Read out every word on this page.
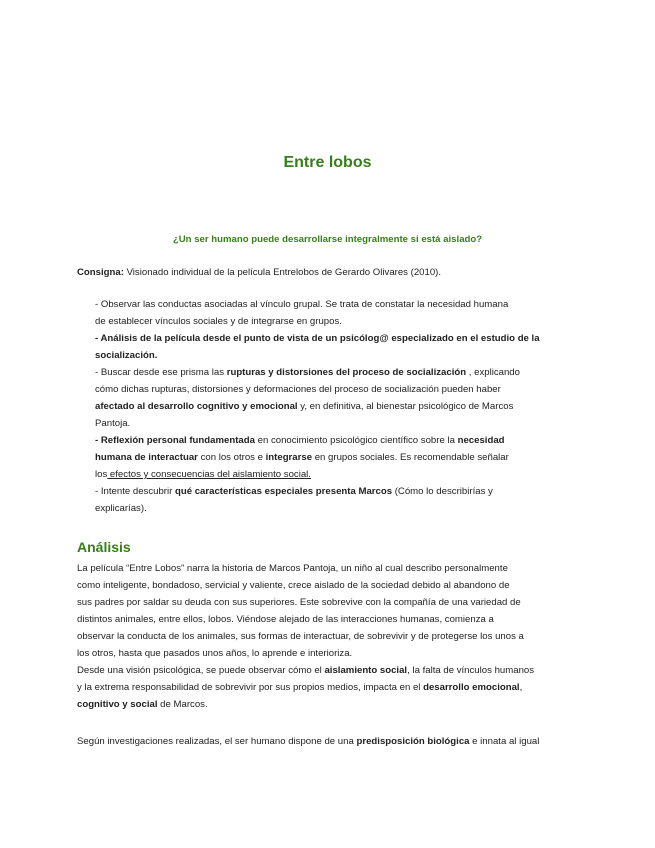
Entre lobos
¿Un ser humano puede desarrollarse integralmente si está aislado?
Consigna: Visionado individual de la película Entrelobos de Gerardo Olivares (2010).
- Observar las conductas asociadas al vínculo grupal. Se trata de constatar la necesidad humana
de establecer vínculos sociales y de integrarse en grupos.
- Análisis de la película desde el punto de vista de un psicólog@ especializado en el estudio de la
socialización.
- Buscar desde ese prisma las rupturas y distorsiones del proceso de socialización , explicando
cómo dichas rupturas, distorsiones y deformaciones del proceso de socialización pueden haber
afectado al desarrollo cognitivo y emocional y, en definitiva, al bienestar psicológico de Marcos
Pantoja.
- Reflexión personal fundamentada en conocimiento psicológico científico sobre la necesidad
humana de interactuar con los otros e integrarse en grupos sociales. Es recomendable señalar
los efectos y consecuencias del aislamiento social.
- Intente descubrir qué características especiales presenta Marcos (Cómo lo describirías y
explicarías).
Análisis
La película “Entre Lobos” narra la historia de Marcos Pantoja, un niño al cual describo personalmente
como inteligente, bondadoso, servicial y valiente, crece aislado de la sociedad debido al abandono de
sus padres por saldar su deuda con sus superiores. Este sobrevive con la compañía de una variedad de
distintos animales, entre ellos, lobos. Viéndose alejado de las interacciones humanas, comienza a
observar la conducta de los animales, sus formas de interactuar, de sobrevivir y de protegerse los unos a
los otros, hasta que pasados unos años, lo aprende e interioriza.
Desde una visión psicológica, se puede observar cómo el aislamiento social, la falta de vínculos humanos
y la extrema responsabilidad de sobrevivir por sus propios medios, impacta en el desarrollo emocional,
cognitivo y social de Marcos.
Según investigaciones realizadas, el ser humano dispone de una predisposición biológica e innata al igual
